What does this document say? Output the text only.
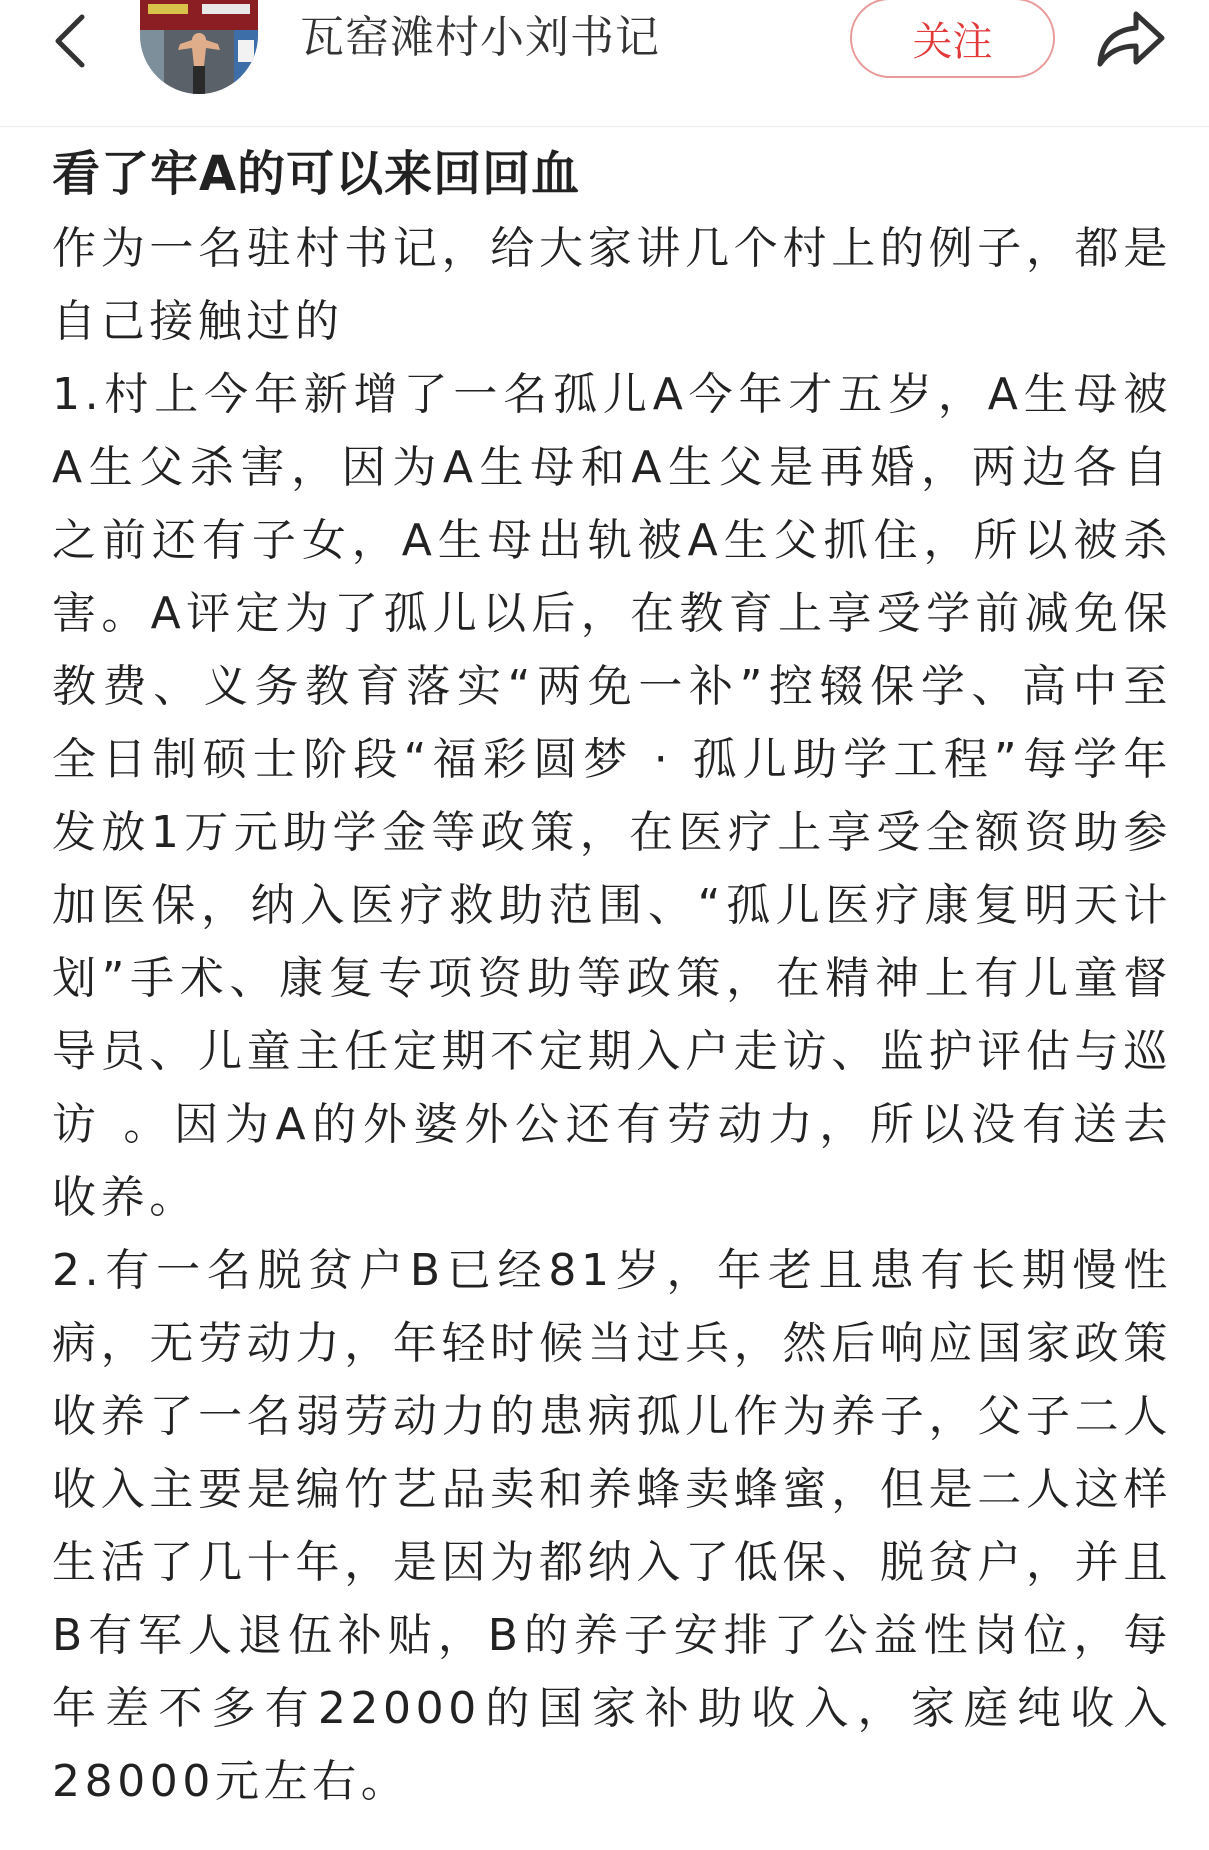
瓦窑滩村小刘书记	关注
看了牢A的可以来回回血

作为一名驻村书记，给大家讲几个村上的例子，都是自己接触过的

1.村上今年新增了一名孤儿A今年才五岁，A生母被A生父杀害，因为A生母和A生父是再婚，两边各自之前还有子女，A生母出轨被A生父抓住，所以被杀害。A评定为了孤儿以后，在教育上享受学前减免保教费、义务教育落实“两免一补”控辍保学、高中至全日制硕士阶段“福彩圆梦 · 孤儿助学工程”每学年发放1万元助学金等政策，在医疗上享受全额资助参加医保，纳入医疗救助范围、“孤儿医疗康复明天计划”手术、康复专项资助等政策，在精神上有儿童督导员、儿童主任定期不定期入户走访、监护评估与巡访 。因为A的外婆外公还有劳动力，所以没有送去收养。

2.有一名脱贫户B已经81岁，年老且患有长期慢性病，无劳动力，年轻时候当过兵，然后响应国家政策收养了一名弱劳动力的患病孤儿作为养子，父子二人收入主要是编竹艺品卖和养蜂卖蜂蜜，但是二人这样生活了几十年，是因为都纳入了低保、脱贫户，并且B有军人退伍补贴，B的养子安排了公益性岗位，每年差不多有22000的国家补助收入，家庭纯收入28000元左右。
